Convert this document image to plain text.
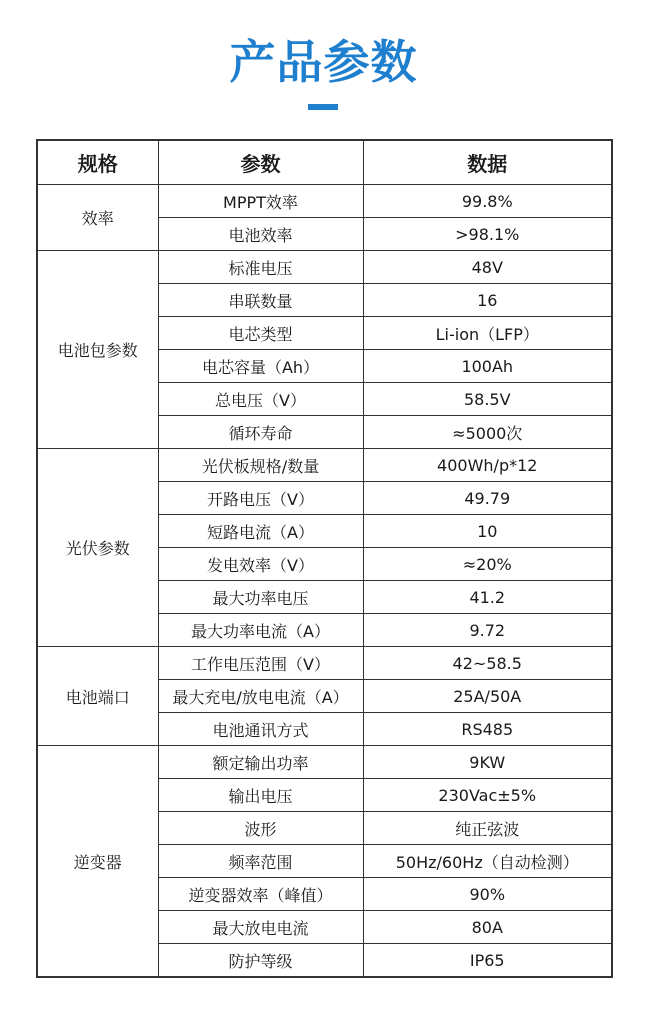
产品参数
规格	参数	数据
效率	MPPT效率	99.8%
	电池效率	>98.1%
电池包参数	标准电压	48V
	串联数量	16
	电芯类型	Li-ion（LFP）
	电芯容量（Ah）	100Ah
	总电压（V）	58.5V
	循环寿命	≈5000次
光伏参数	光伏板规格/数量	400Wh/p*12
	开路电压（V）	49.79
	短路电流（A）	10
	发电效率（V）	≈20%
	最大功率电压	41.2
	最大功率电流（A）	9.72
电池端口	工作电压范围（V）	42~58.5
	最大充电/放电电流（A）	25A/50A
	电池通讯方式	RS485
逆变器	额定输出功率	9KW
	输出电压	230Vac±5%
	波形	纯正弦波
	频率范围	50Hz/60Hz（自动检测）
	逆变器效率（峰值）	90%
	最大放电电流	80A
	防护等级	IP65
